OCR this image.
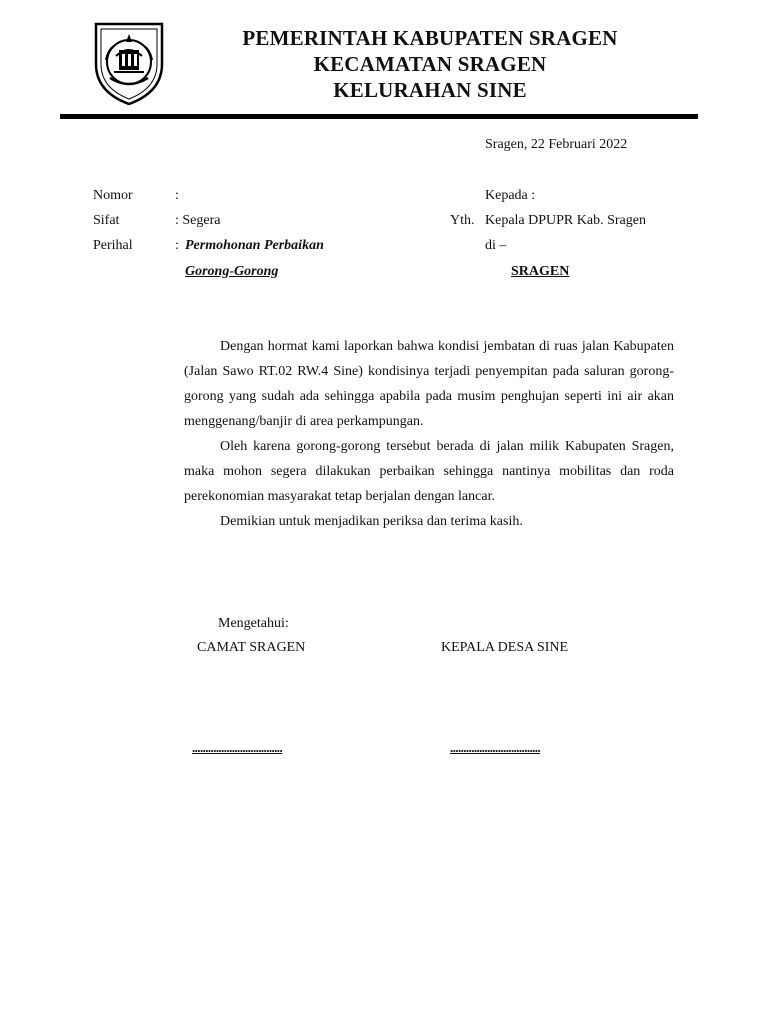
PEMERINTAH KABUPATEN SRAGEN
KECAMATAN SRAGEN
KELURAHAN SINE
Sragen, 22 Februari 2022
Nomor	:
Sifat	: Segera
Perihal	: Permohonan Perbaikan
Gorong-Gorong
Kepada :
Yth. Kepala DPUPR Kab. Sragen
di –
SRAGEN

Dengan hormat kami laporkan bahwa kondisi jembatan di ruas jalan Kabupaten (Jalan Sawo RT.02 RW.4 Sine) kondisinya terjadi penyempitan pada saluran gorong-gorong yang sudah ada sehingga apabila pada musim penghujan seperti ini air akan menggenang/banjir di area perkampungan.

Oleh karena gorong-gorong tersebut berada di jalan milik Kabupaten Sragen, maka mohon segera dilakukan perbaikan sehingga nantinya mobilitas dan roda perekonomian masyarakat tetap berjalan dengan lancar.

Demikian untuk menjadikan periksa dan terima kasih.

Mengetahui:
CAMAT SRAGEN	KEPALA DESA SINE
..................................	..................................
